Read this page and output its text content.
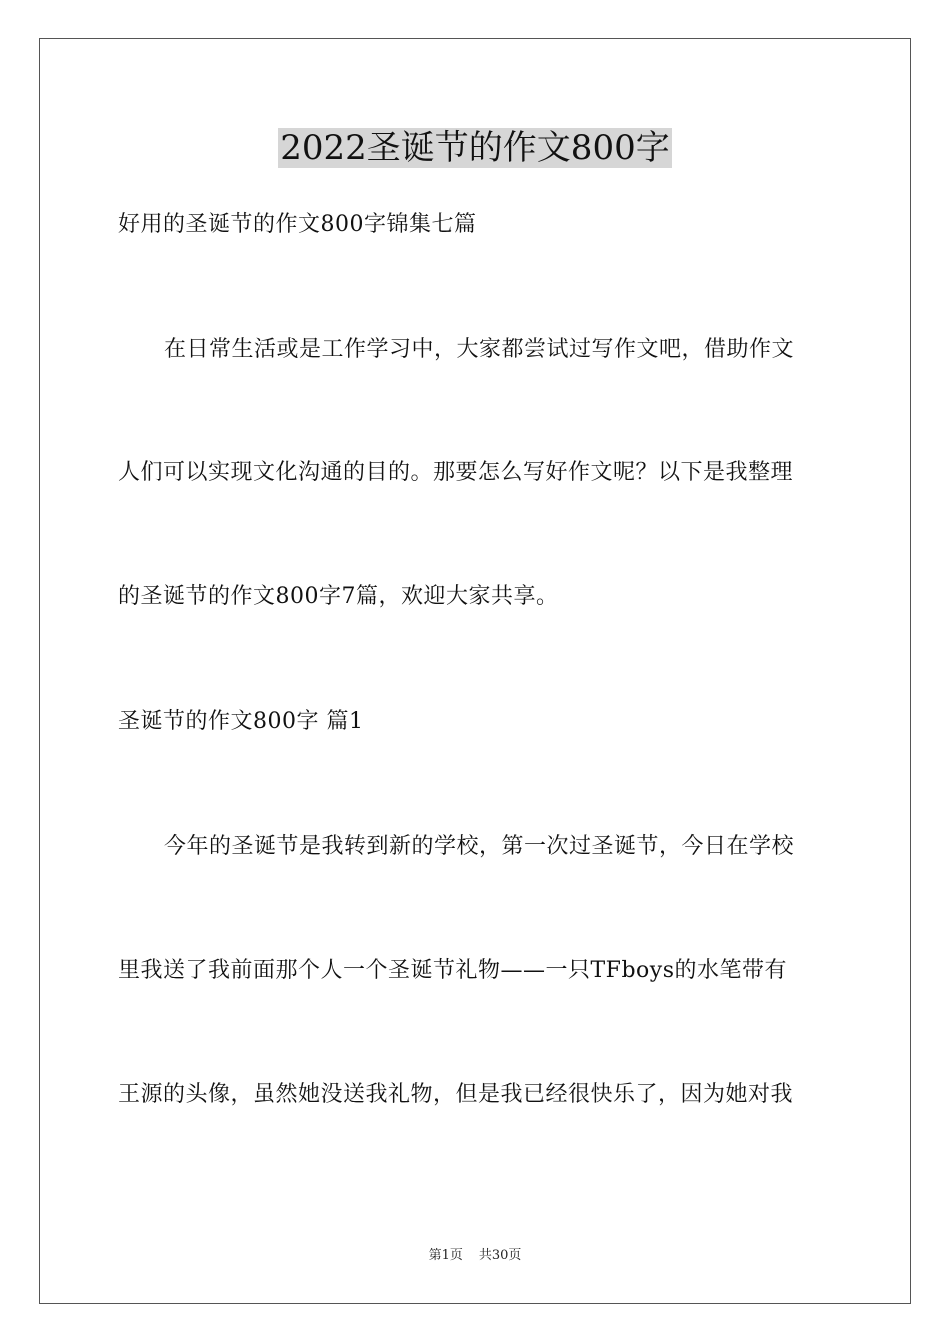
2022圣诞节的作文800字
好用的圣诞节的作文800字锦集七篇
在日常生活或是工作学习中，大家都尝试过写作文吧，借助作文
人们可以实现文化沟通的目的。那要怎么写好作文呢？以下是我整理
的圣诞节的作文800字7篇，欢迎大家共享。
圣诞节的作文800字 篇1
今年的圣诞节是我转到新的学校，第一次过圣诞节，今日在学校
里我送了我前面那个人一个圣诞节礼物——一只TFboys的水笔带有
王源的头像，虽然她没送我礼物，但是我已经很快乐了，因为她对我
第1页 共30页
